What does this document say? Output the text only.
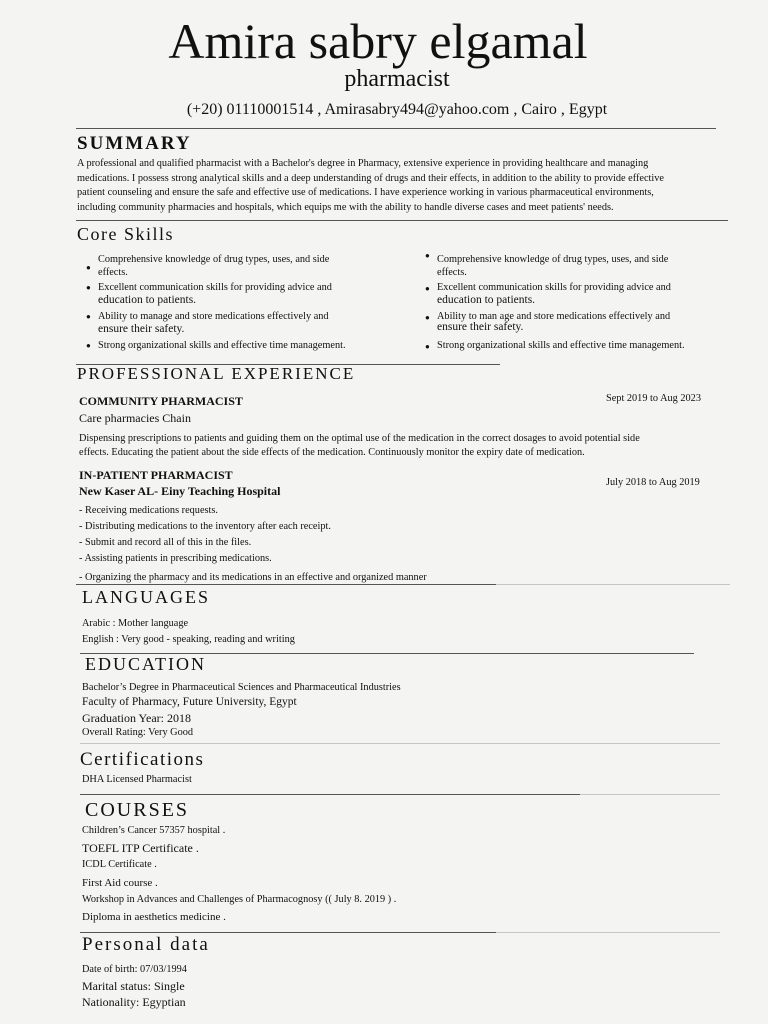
Amira sabry elgamal
pharmacist
(+20) 01110001514 , Amirasabry494@yahoo.com , Cairo , Egypt
SUMMARY
A professional and qualified pharmacist with a Bachelor's degree in Pharmacy, extensive experience in providing healthcare and managing
medications. I possess strong analytical skills and a deep understanding of drugs and their effects, in addition to the ability to provide effective
patient counseling and ensure the safe and effective use of medications. I have experience working in various pharmaceutical environments,
including community pharmacies and hospitals, which equips me with the ability to handle diverse cases and meet patients' needs.
Core Skills
●
Comprehensive knowledge of drug types, uses, and side
effects.
● Excellent communication skills for providing advice and
education to patients.
● Ability to manage and store medications effectively and
ensure their safety.
● Strong organizational skills and effective time management.
● Comprehensive knowledge of drug types, uses, and side
effects.
● Excellent communication skills for providing advice and
education to patients.
● Ability to man age and store medications effectively and
ensure their safety.
● Strong organizational skills and effective time management.
PROFESSIONAL EXPERIENCE
COMMUNITY PHARMACIST	Sept 2019 to Aug 2023
Care pharmacies Chain
Dispensing prescriptions to patients and guiding them on the optimal use of the medication in the correct dosages to avoid potential side
effects. Educating the patient about the side effects of the medication. Continuously monitor the expiry date of medication.
IN-PATIENT PHARMACIST
New Kaser AL- Einy Teaching Hospital
July 2018 to Aug 2019
- Receiving medications requests.
- Distributing medications to the inventory after each receipt.
- Submit and record all of this in the files.
- Assisting patients in prescribing medications.
- Organizing the pharmacy and its medications in an effective and organized manner
LANGUAGES
Arabic : Mother language
English : Very good - speaking, reading and writing
EDUCATION
Bachelor’s Degree in Pharmaceutical Sciences and Pharmaceutical Industries
Faculty of Pharmacy, Future University, Egypt
Graduation Year: 2018
Overall Rating: Very Good
Certifications
DHA Licensed Pharmacist
COURSES
Children’s Cancer 57357 hospital .
TOEFL ITP Certificate .
ICDL Certificate .
First Aid course .
Workshop in Advances and Challenges of Pharmacognosy (( July 8. 2019 ) .
Diploma in aesthetics medicine .
Personal data
Date of birth: 07/03/1994
Marital status: Single
Nationality: Egyptian
